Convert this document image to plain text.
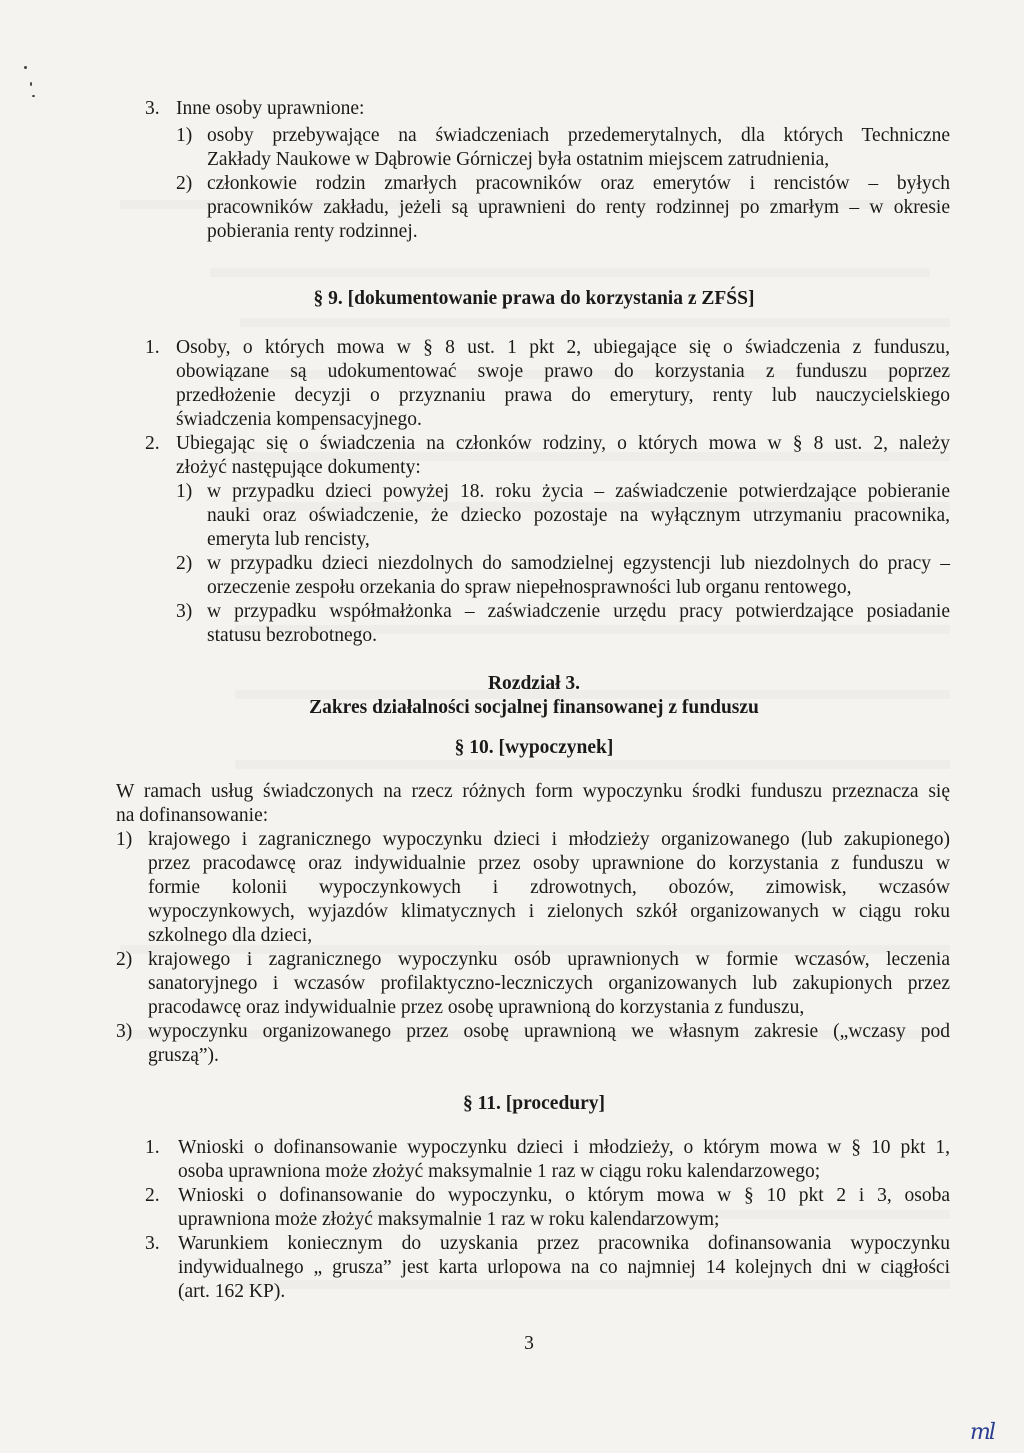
3. Inne osoby uprawnione:
1) osoby przebywające na świadczeniach przedemerytalnych, dla których Techniczne
Zakłady Naukowe w Dąbrowie Górniczej była ostatnim miejscem zatrudnienia,
2) członkowie rodzin zmarłych pracowników oraz emerytów i rencistów – byłych
pracowników zakładu, jeżeli są uprawnieni do renty rodzinnej po zmarłym – w okresie
pobierania renty rodzinnej.
§ 9. [dokumentowanie prawa do korzystania z ZFŚS]
1. Osoby, o których mowa w § 8 ust. 1 pkt 2, ubiegające się o świadczenia z funduszu,
obowiązane są udokumentować swoje prawo do korzystania z funduszu poprzez
przedłożenie decyzji o przyznaniu prawa do emerytury, renty lub nauczycielskiego
świadczenia kompensacyjnego.
2. Ubiegając się o świadczenia na członków rodziny, o których mowa w § 8 ust. 2, należy
złożyć następujące dokumenty:
1) w przypadku dzieci powyżej 18. roku życia – zaświadczenie potwierdzające pobieranie
nauki oraz oświadczenie, że dziecko pozostaje na wyłącznym utrzymaniu pracownika,
emeryta lub rencisty,
2) w przypadku dzieci niezdolnych do samodzielnej egzystencji lub niezdolnych do pracy –
orzeczenie zespołu orzekania do spraw niepełnosprawności lub organu rentowego,
3) w przypadku współmałżonka – zaświadczenie urzędu pracy potwierdzające posiadanie
statusu bezrobotnego.
Rozdział 3.
Zakres działalności socjalnej finansowanej z funduszu
§ 10. [wypoczynek]
W ramach usług świadczonych na rzecz różnych form wypoczynku środki funduszu przeznacza się
na dofinansowanie:
1) krajowego i zagranicznego wypoczynku dzieci i młodzieży organizowanego (lub zakupionego)
przez pracodawcę oraz indywidualnie przez osoby uprawnione do korzystania z funduszu w
formie kolonii wypoczynkowych i zdrowotnych, obozów, zimowisk, wczasów
wypoczynkowych, wyjazdów klimatycznych i zielonych szkół organizowanych w ciągu roku
szkolnego dla dzieci,
2) krajowego i zagranicznego wypoczynku osób uprawnionych w formie wczasów, leczenia
sanatoryjnego i wczasów profilaktyczno-leczniczych organizowanych lub zakupionych przez
pracodawcę oraz indywidualnie przez osobę uprawnioną do korzystania z funduszu,
3) wypoczynku organizowanego przez osobę uprawnioną we własnym zakresie („wczasy pod
gruszą”).
§ 11. [procedury]
1. Wnioski o dofinansowanie wypoczynku dzieci i młodzieży, o którym mowa w § 10 pkt 1,
osoba uprawniona może złożyć maksymalnie 1 raz w ciągu roku kalendarzowego;
2. Wnioski o dofinansowanie do wypoczynku, o którym mowa w § 10 pkt 2 i 3, osoba
uprawniona może złożyć maksymalnie 1 raz w roku kalendarzowym;
3. Warunkiem koniecznym do uzyskania przez pracownika dofinansowania wypoczynku
indywidualnego „ grusza” jest karta urlopowa na co najmniej 14 kolejnych dni w ciągłości
(art. 162 KP).
3
ml
